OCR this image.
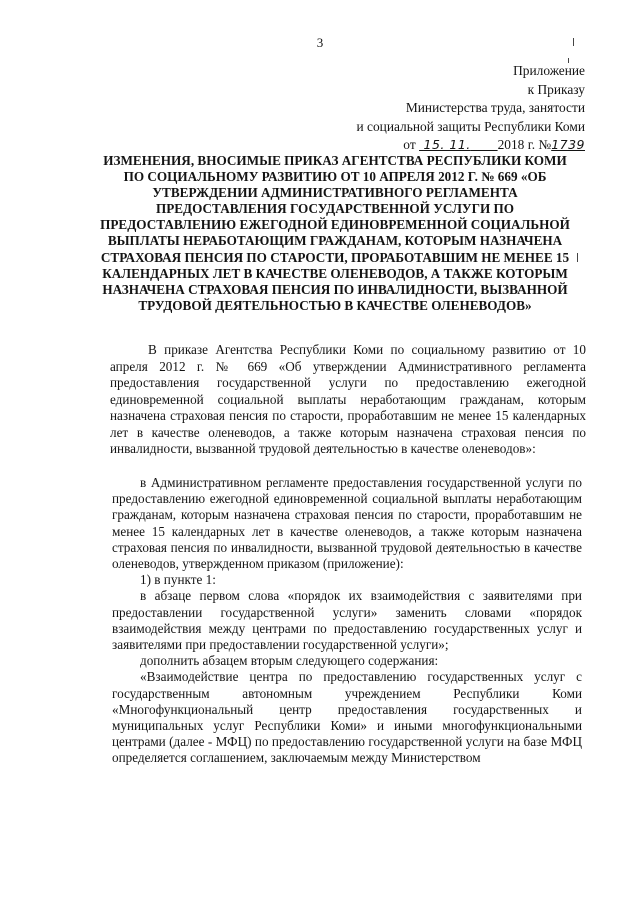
3
Приложение
к Приказу
Министерства труда, занятости
и социальной защиты Республики Коми
от 15. 11. 2018 г. №1739
ИЗМЕНЕНИЯ, ВНОСИМЫЕ ПРИКАЗ АГЕНТСТВА РЕСПУБЛИКИ КОМИ ПО СОЦИАЛЬНОМУ РАЗВИТИЮ ОТ 10 АПРЕЛЯ 2012 Г. № 669 «ОБ УТВЕРЖДЕНИИ АДМИНИСТРАТИВНОГО РЕГЛАМЕНТА ПРЕДОСТАВЛЕНИЯ ГОСУДАРСТВЕННОЙ УСЛУГИ ПО ПРЕДОСТАВЛЕНИЮ ЕЖЕГОДНОЙ ЕДИНОВРЕМЕННОЙ СОЦИАЛЬНОЙ ВЫПЛАТЫ НЕРАБОТАЮЩИМ ГРАЖДАНАМ, КОТОРЫМ НАЗНАЧЕНА СТРАХОВАЯ ПЕНСИЯ ПО СТАРОСТИ, ПРОРАБОТАВШИМ НЕ МЕНЕЕ 15 КАЛЕНДАРНЫХ ЛЕТ В КАЧЕСТВЕ ОЛЕНЕВОДОВ, А ТАКЖЕ КОТОРЫМ НАЗНАЧЕНА СТРАХОВАЯ ПЕНСИЯ ПО ИНВАЛИДНОСТИ, ВЫЗВАННОЙ ТРУДОВОЙ ДЕЯТЕЛЬНОСТЬЮ В КАЧЕСТВЕ ОЛЕНЕВОДОВ»

В приказе Агентства Республики Коми по социальному развитию от 10 апреля 2012 г. № 669 «Об утверждении Административного регламента предоставления государственной услуги по предоставлению ежегодной единовременной социальной выплаты неработающим гражданам, которым назначена страховая пенсия по старости, проработавшим не менее 15 календарных лет в качестве оленеводов, а также которым назначена страховая пенсия по инвалидности, вызванной трудовой деятельностью в качестве оленеводов»:

в Административном регламенте предоставления государственной услуги по предоставлению ежегодной единовременной социальной выплаты неработающим гражданам, которым назначена страховая пенсия по старости, проработавшим не менее 15 календарных лет в качестве оленеводов, а также которым назначена страховая пенсия по инвалидности, вызванной трудовой деятельностью в качестве оленеводов, утвержденном приказом (приложение):

1) в пункте 1:

в абзаце первом слова «порядок их взаимодействия с заявителями при предоставлении государственной услуги» заменить словами «порядок взаимодействия между центрами по предоставлению государственных услуг и заявителями при предоставлении государственной услуги»;

дополнить абзацем вторым следующего содержания:

«Взаимодействие центра по предоставлению государственных услуг с государственным автономным учреждением Республики Коми «Многофункциональный центр предоставления государственных и муниципальных услуг Республики Коми» и иными многофункциональными центрами (далее - МФЦ) по предоставлению государственной услуги на базе МФЦ определяется соглашением, заключаемым между Министерством
